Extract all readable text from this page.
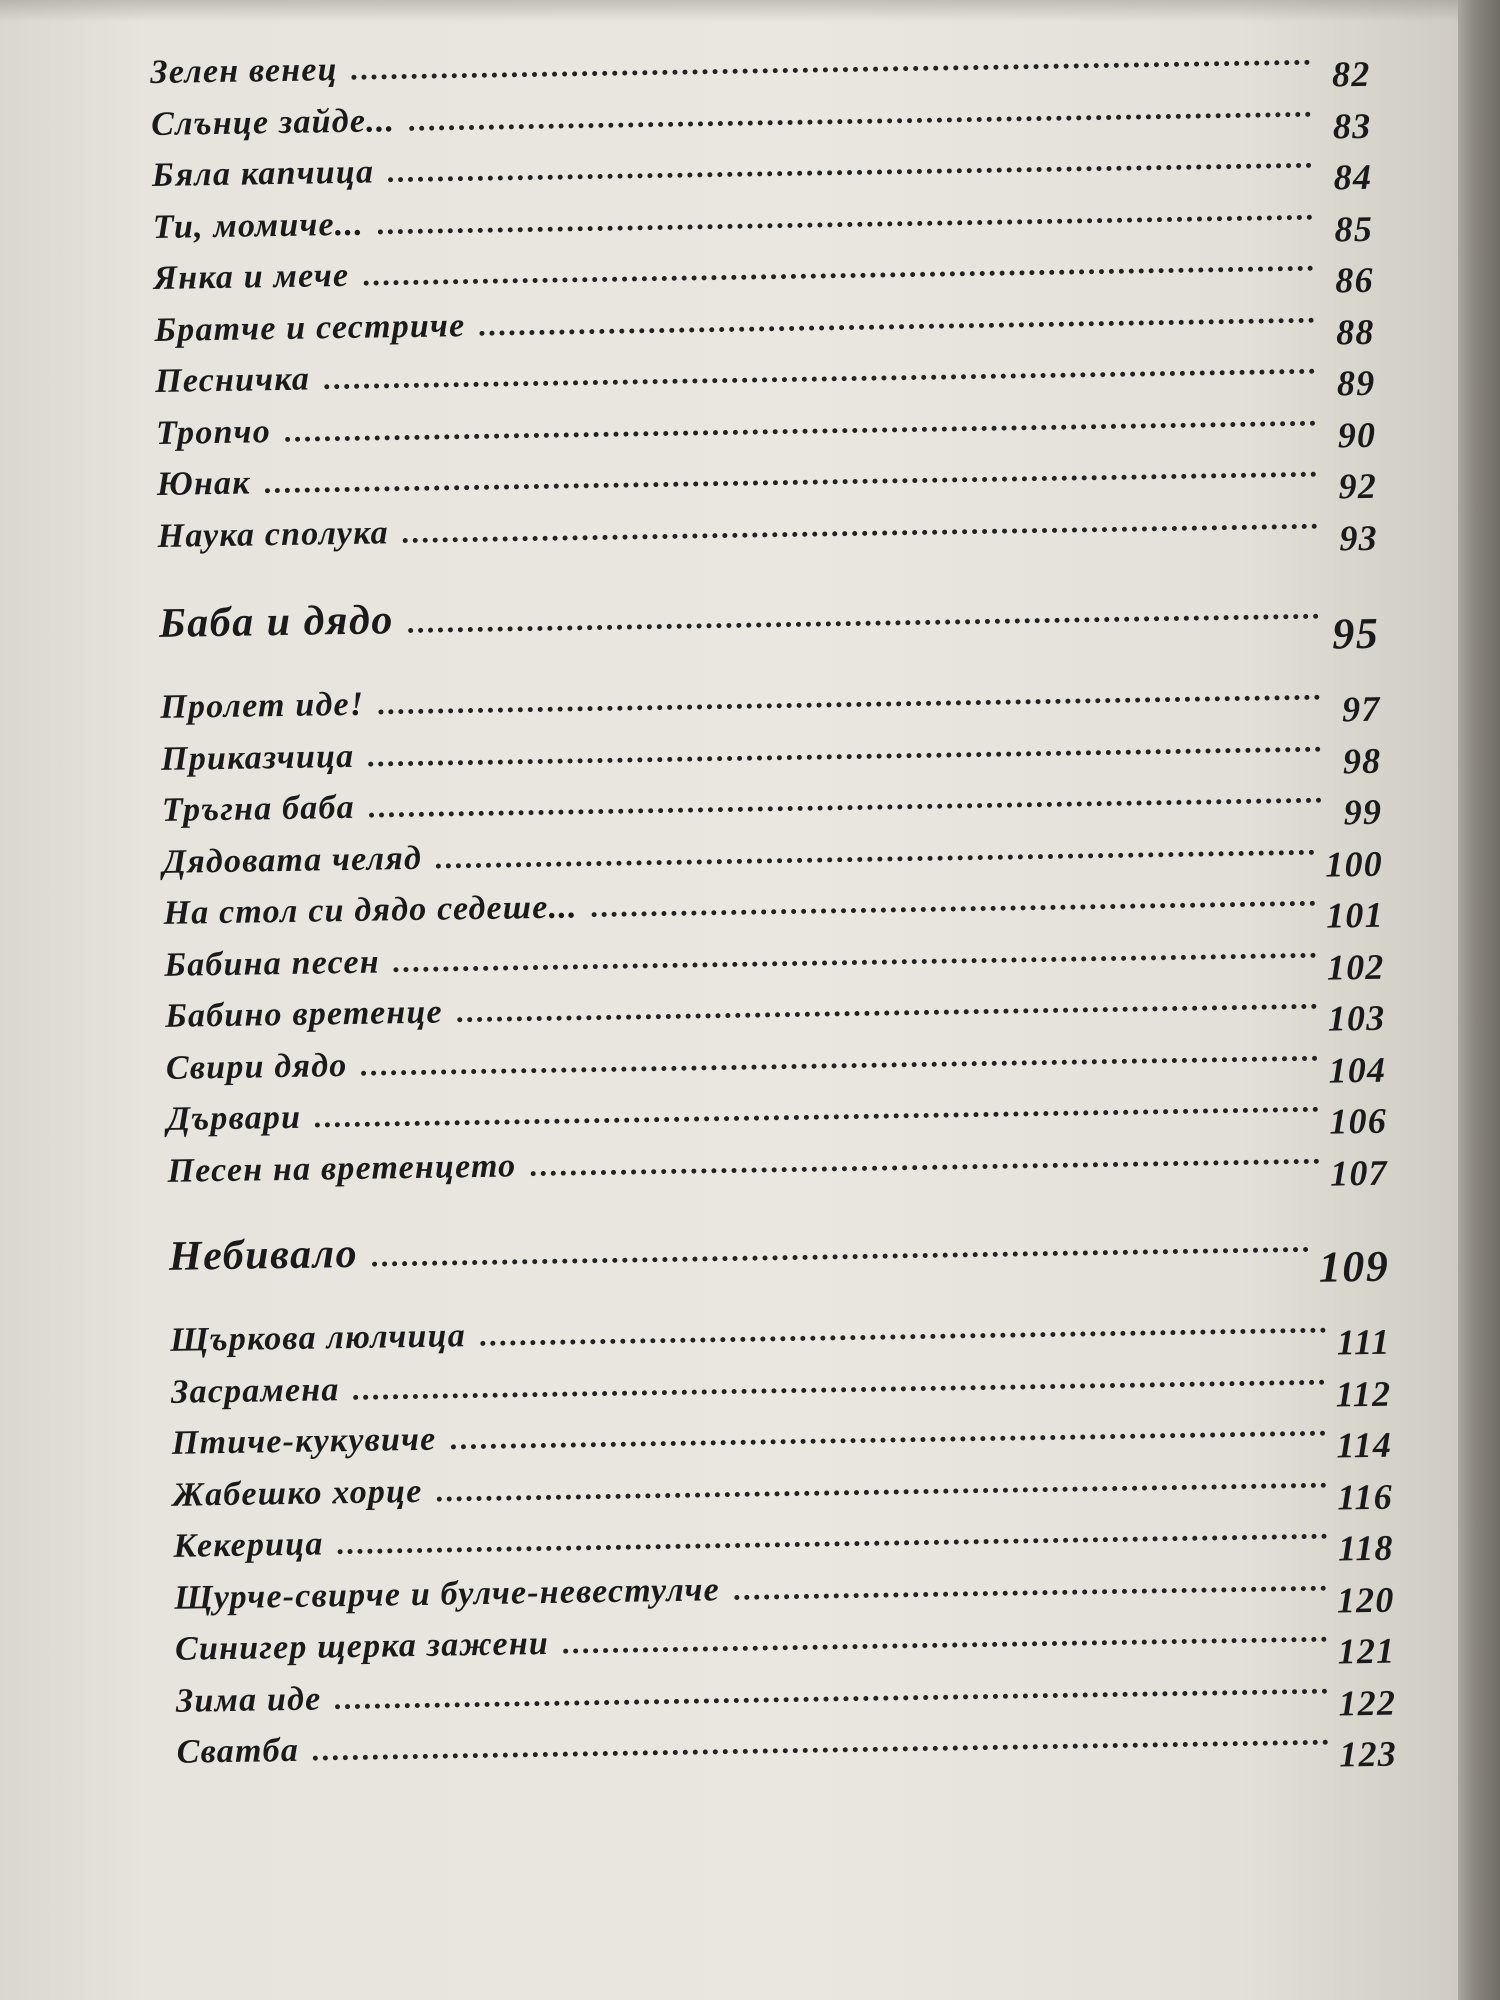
Зелен венец	82
Слънце зайде...	83
Бяла капчица	84
Ти, момиче...	85
Янка и мече	86
Братче и сестриче	88
Песничка	89
Тропчо	90
Юнак	92
Наука сполука	93
Баба и дядо	95
Пролет иде!	97
Приказчица	98
Тръгна баба	99
Дядовата челяд	100
На стол си дядо седеше...	101
Бабина песен	102
Бабино вретенце	103
Свири дядо	104
Дървари	106
Песен на вретенцето	107
Небивало	109
Щъркова люлчица	111
Засрамена	112
Птиче-кукувиче	114
Жабешко хорце	116
Кекерица	118
Щурче-свирче и булче-невестулче	120
Синигер щерка зажени	121
Зима иде	122
Сватба	123
